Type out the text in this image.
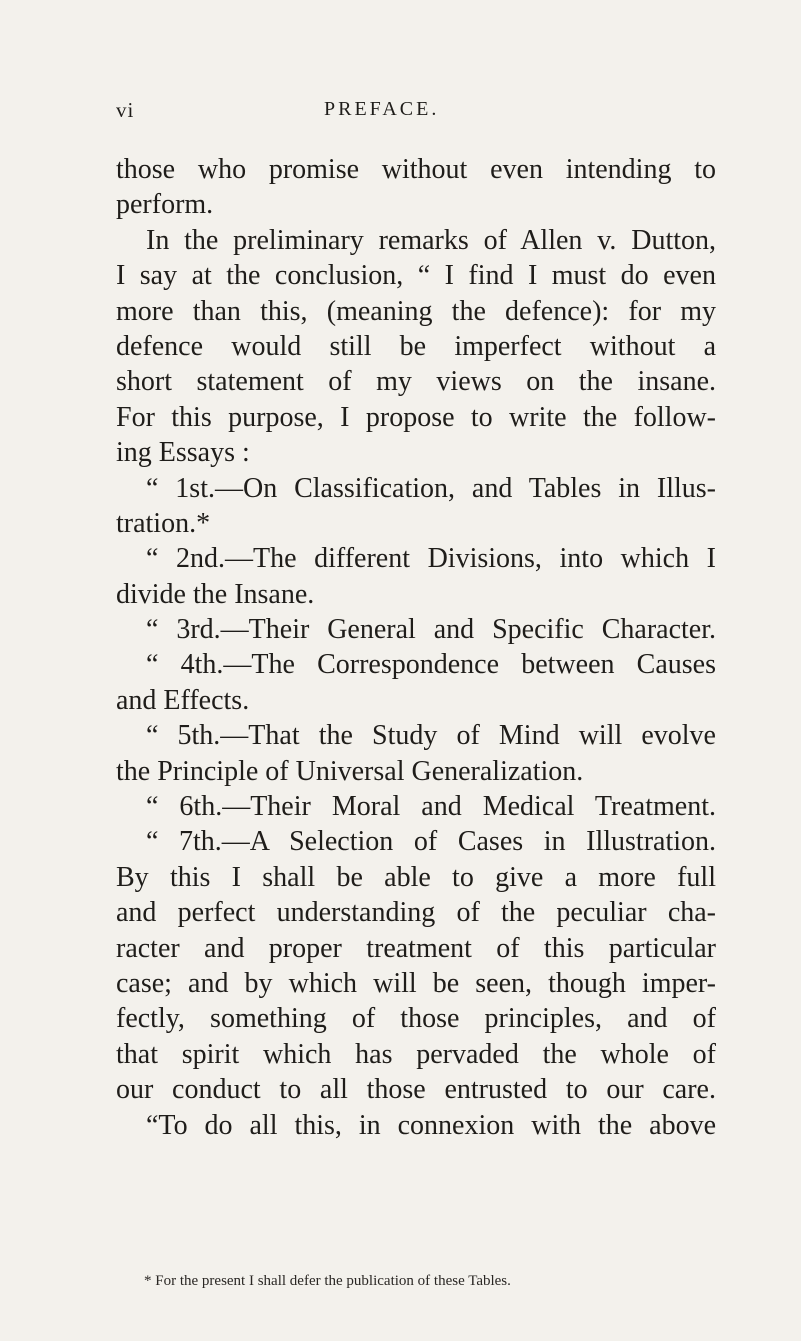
vi	PREFACE.
those who promise without even intending to
perform.
In the preliminary remarks of Allen v. Dutton,
I say at the conclusion, “ I find I must do even
more than this, (meaning the defence): for my
defence would still be imperfect without a
short statement of my views on the insane.
For this purpose, I propose to write the follow-
ing Essays :
“ 1st.—On Classification, and Tables in Illus-
tration.*
“ 2nd.—The different Divisions, into which I
divide the Insane.
“ 3rd.—Their General and Specific Character.
“ 4th.—The Correspondence between Causes
and Effects.
“ 5th.—That the Study of Mind will evolve
the Principle of Universal Generalization.
“ 6th.—Their Moral and Medical Treatment.
“ 7th.—A Selection of Cases in Illustration.
By this I shall be able to give a more full
and perfect understanding of the peculiar cha-
racter and proper treatment of this particular
case; and by which will be seen, though imper-
fectly, something of those principles, and of
that spirit which has pervaded the whole of
our conduct to all those entrusted to our care.
“To do all this, in connexion with the above
* For the present I shall defer the publication of these Tables.
